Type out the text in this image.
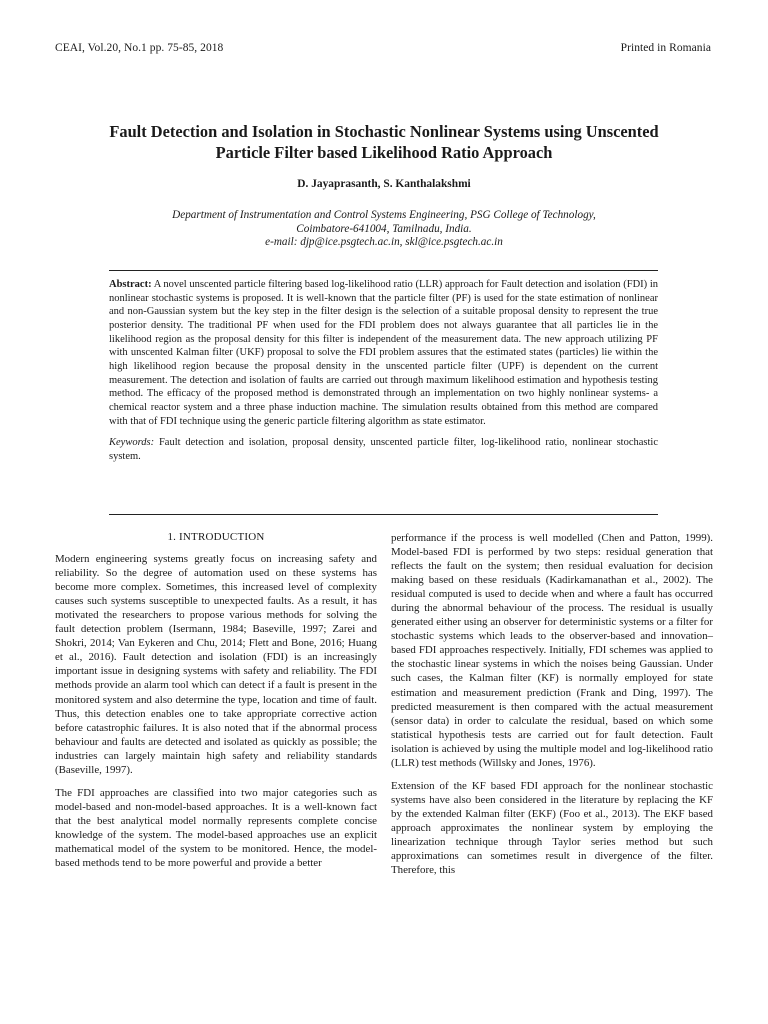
CEAI, Vol.20, No.1 pp. 75-85, 2018	Printed in Romania
Fault Detection and Isolation in Stochastic Nonlinear Systems using Unscented
Particle Filter based Likelihood Ratio Approach
D. Jayaprasanth, S. Kanthalakshmi
Department of Instrumentation and Control Systems Engineering, PSG College of Technology,
Coimbatore-641004, Tamilnadu, India.
e-mail: djp@ice.psgtech.ac.in, skl@ice.psgtech.ac.in

Abstract: A novel unscented particle filtering based log-likelihood ratio (LLR) approach for Fault detection and isolation (FDI) in nonlinear stochastic systems is proposed. It is well-known that the particle filter (PF) is used for the state estimation of nonlinear and non-Gaussian system but the key step in the filter design is the selection of a suitable proposal density to represent the true posterior density. The traditional PF when used for the FDI problem does not always guarantee that all particles lie in the likelihood region as the proposal density for this filter is independent of the measurement data. The new approach utilizing PF with unscented Kalman filter (UKF) proposal to solve the FDI problem assures that the estimated states (particles) lie within the high likelihood region because the proposal density in the unscented particle filter (UPF) is dependent on the current measurement. The detection and isolation of faults are carried out through maximum likelihood estimation and hypothesis testing method. The efficacy of the proposed method is demonstrated through an implementation on two highly nonlinear systems- a chemical reactor system and a three phase induction machine. The simulation results obtained from this method are compared with that of FDI technique using the generic particle filtering algorithm as state estimator.

Keywords: Fault detection and isolation, proposal density, unscented particle filter, log-likelihood ratio, nonlinear stochastic system.

1. INTRODUCTION

Modern engineering systems greatly focus on increasing safety and reliability. So the degree of automation used on these systems has become more complex. Sometimes, this increased level of complexity causes such systems susceptible to unexpected faults. As a result, it has motivated the researchers to propose various methods for solving the fault detection problem (Isermann, 1984; Baseville, 1997; Zarei and Shokri, 2014; Van Eykeren and Chu, 2014; Flett and Bone, 2016; Huang et al., 2016). Fault detection and isolation (FDI) is an increasingly important issue in designing systems with safety and reliability. The FDI methods provide an alarm tool which can detect if a fault is present in the monitored system and also determine the type, location and time of fault. Thus, this detection enables one to take appropriate corrective action before catastrophic failures. It is also noted that if the abnormal process behaviour and faults are detected and isolated as quickly as possible; the industries can largely maintain high safety and reliability standards (Baseville, 1997).

The FDI approaches are classified into two major categories such as model-based and non-model-based approaches. It is a well-known fact that the best analytical model normally represents complete concise knowledge of the system. The model-based approaches use an explicit mathematical model of the system to be monitored. Hence, the model-based methods tend to be more powerful and provide a better

performance if the process is well modelled (Chen and Patton, 1999). Model-based FDI is performed by two steps: residual generation that reflects the fault on the system; then residual evaluation for decision making based on these residuals (Kadirkamanathan et al., 2002). The residual computed is used to decide when and where a fault has occurred during the abnormal behaviour of the process. The residual is usually generated either using an observer for deterministic systems or a filter for stochastic systems which leads to the observer-based and innovation–based FDI approaches respectively. Initially, FDI schemes was applied to the stochastic linear systems in which the noises being Gaussian. Under such cases, the Kalman filter (KF) is normally employed for state estimation and measurement prediction (Frank and Ding, 1997). The predicted measurement is then compared with the actual measurement (sensor data) in order to calculate the residual, based on which some statistical hypothesis tests are carried out for fault detection. Fault isolation is achieved by using the multiple model and log-likelihood ratio (LLR) test methods (Willsky and Jones, 1976).

Extension of the KF based FDI approach for the nonlinear stochastic systems have also been considered in the literature by replacing the KF by the extended Kalman filter (EKF) (Foo et al., 2013). The EKF based approach approximates the nonlinear system by employing the linearization technique through Taylor series method but such approximations can sometimes result in divergence of the filter. Therefore, this
